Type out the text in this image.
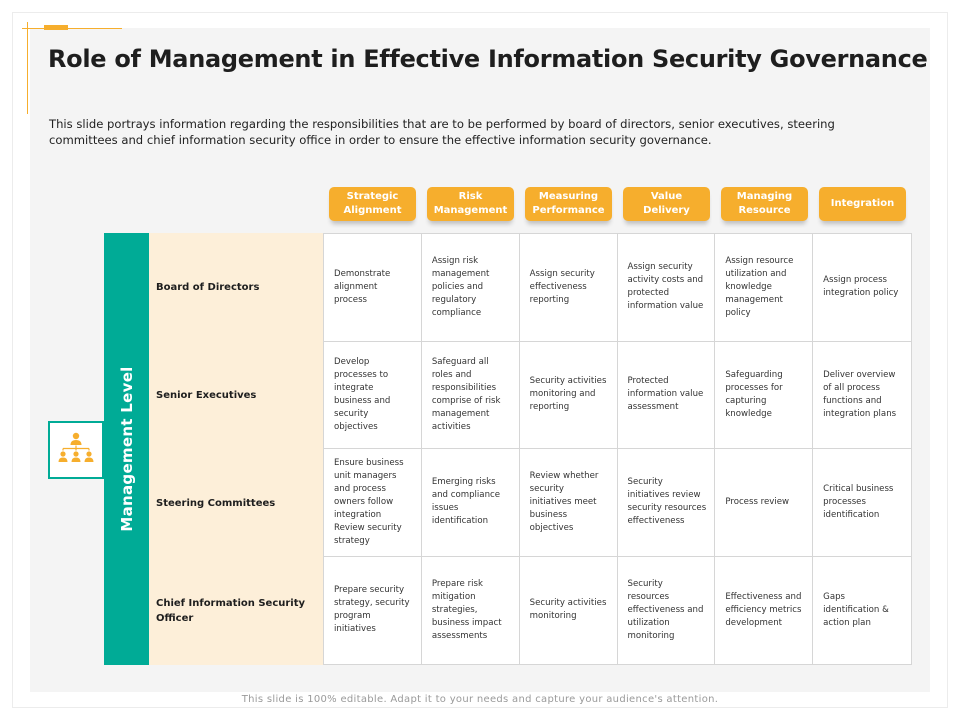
Role of Management in Effective Information Security Governance

This slide portrays information regarding the responsibilities that are to be performed by board of directors, senior executives, steering committees and chief information security office in order to ensure the effective information security governance.

Strategic Alignment
Risk Management
Measuring Performance
Value Delivery
Managing Resource
Integration
Management Level
Board of Directors
Senior Executives
Steering Committees
Chief Information Security Officer
Demonstrate alignment process
Assign risk management policies and regulatory compliance
Assign security effectiveness reporting
Assign security activity costs and protected information value
Assign resource utilization and knowledge management policy
Assign process integration policy
Develop processes to integrate business and security objectives
Safeguard all roles and responsibilities comprise of risk management activities
Security activities monitoring and reporting
Protected information value assessment
Safeguarding processes for capturing knowledge
Deliver overview of all process functions and integration plans
Ensure business unit managers and process owners follow integration Review security strategy
Emerging risks and compliance issues identification
Review whether security initiatives meet business objectives
Security initiatives review security resources effectiveness
Process review
Critical business processes identification
Prepare security strategy, security program initiatives
Prepare risk mitigation strategies, business impact assessments
Security activities monitoring
Security resources effectiveness and utilization monitoring
Effectiveness and efficiency metrics development
Gaps identification & action plan
This slide is 100% editable. Adapt it to your needs and capture your audience's attention.
